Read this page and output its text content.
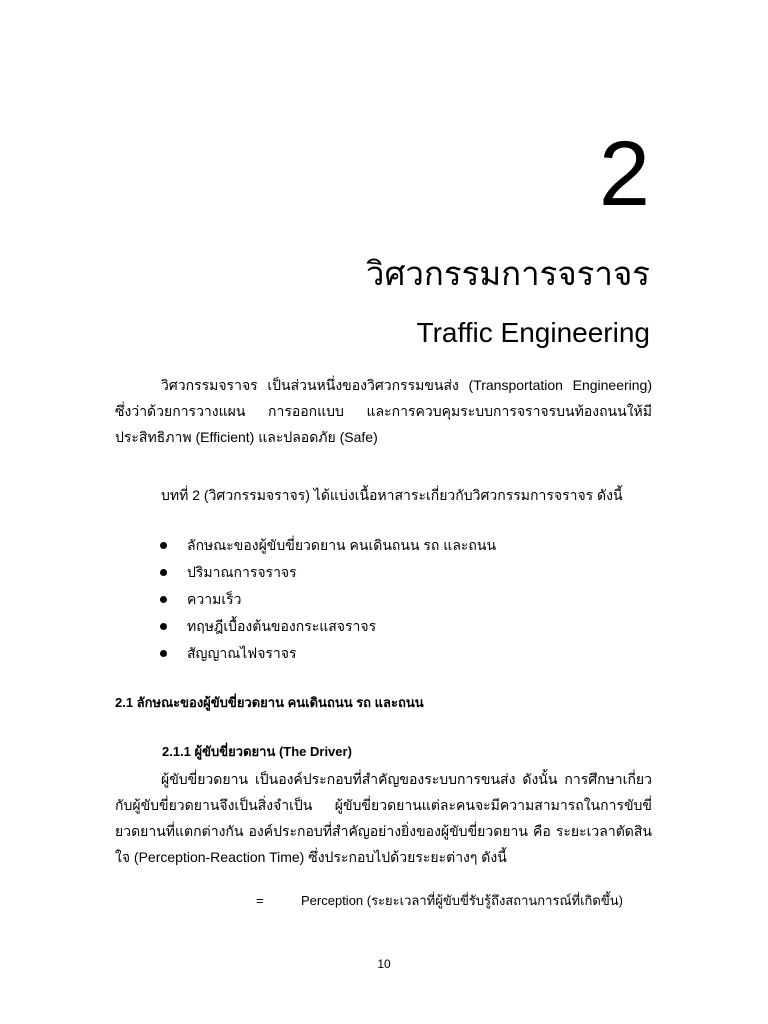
2
วิศวกรรมการจราจร
Traffic Engineering

วิศวกรรมจราจร เป็นส่วนหนึ่งของวิศวกรรมขนส่ง (Transportation Engineering) ซึ่งว่าด้วยการวางแผน การออกแบบ และการควบคุมระบบการจราจรบนท้องถนนให้มีประสิทธิภาพ (Efficient) และปลอดภัย (Safe)

บทที่ 2 (วิศวกรรมจราจร) ได้แบ่งเนื้อหาสาระเกี่ยวกับวิศวกรรมการจราจร ดังนี้

ลักษณะของผู้ขับขี่ยวดยาน คนเดินถนน รถ และถนน
ปริมาณการจราจร
ความเร็ว
ทฤษฎีเบื้องต้นของกระแสจราจร
สัญญาณไฟจราจร
2.1 ลักษณะของผู้ขับขี่ยวดยาน คนเดินถนน รถ และถนน
2.1.1 ผู้ขับขี่ยวดยาน (The Driver)

ผู้ขับขี่ยวดยาน เป็นองค์ประกอบที่สำคัญของระบบการขนส่ง ดังนั้น การศึกษาเกี่ยวกับผู้ขับขี่ยวดยานจึงเป็นสิ่งจำเป็น ผู้ขับขี่ยวดยานแต่ละคนจะมีความสามารถในการขับขี่ยวดยานที่แตกต่างกัน องค์ประกอบที่สำคัญอย่างยิ่งของผู้ขับขี่ยวดยาน คือ ระยะเวลาตัดสินใจ (Perception-Reaction Time) ซึ่งประกอบไปด้วยระยะต่างๆ ดังนี้

=	Perception (ระยะเวลาที่ผู้ขับขี่รับรู้ถึงสถานการณ์ที่เกิดขึ้น)
10
